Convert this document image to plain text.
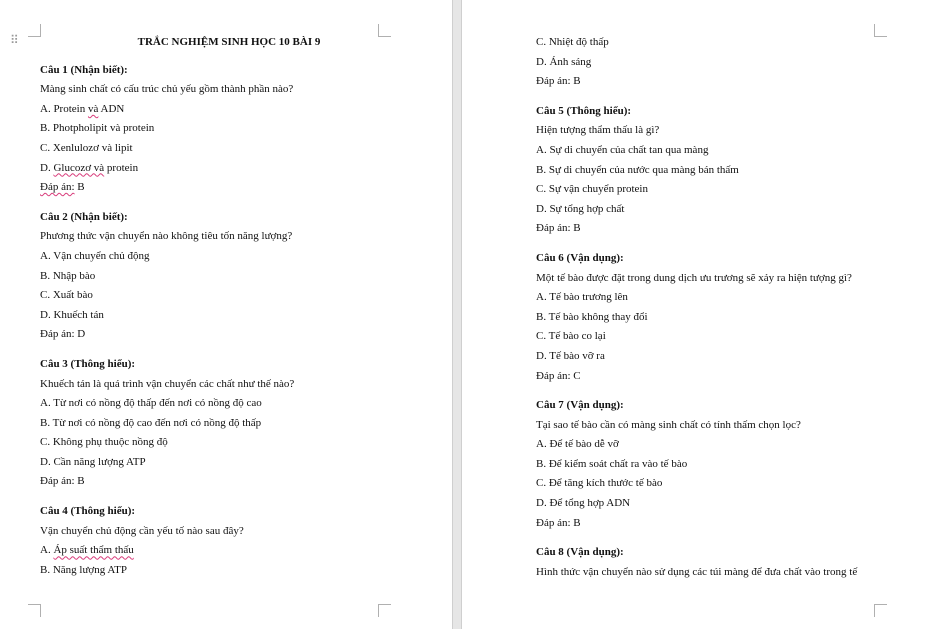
⠿	TRẮC NGHIỆM SINH HỌC 10 BÀI 9
Câu 1 (Nhận biết):
Màng sinh chất có cấu trúc chủ yếu gồm thành phần nào?
A. Protein và ADN
B. Photpholipit và protein
C. Xenlulozơ và lipit
D. Glucozơ và protein
Đáp án: B
Câu 2 (Nhận biết):
Phương thức vận chuyển nào không tiêu tốn năng lượng?
A. Vận chuyển chủ động
B. Nhập bào
C. Xuất bào
D. Khuếch tán
Đáp án: D
Câu 3 (Thông hiểu):
Khuếch tán là quá trình vận chuyển các chất như thế nào?
A. Từ nơi có nồng độ thấp đến nơi có nồng độ cao
B. Từ nơi có nồng độ cao đến nơi có nồng độ thấp
C. Không phụ thuộc nồng độ
D. Cần năng lượng ATP
Đáp án: B
Câu 4 (Thông hiểu):
Vận chuyển chủ động cần yếu tố nào sau đây?
A. Áp suất thẩm thấu
B. Năng lượng ATP
C. Nhiệt độ thấp
D. Ánh sáng
Đáp án: B
Câu 5 (Thông hiểu):
Hiện tượng thẩm thấu là gì?
A. Sự di chuyển của chất tan qua màng
B. Sự di chuyển của nước qua màng bán thấm
C. Sự vận chuyển protein
D. Sự tổng hợp chất
Đáp án: B
Câu 6 (Vận dụng):
Một tế bào được đặt trong dung dịch ưu trương sẽ xảy ra hiện tượng gì?
A. Tế bào trương lên
B. Tế bào không thay đổi
C. Tế bào co lại
D. Tế bào vỡ ra
Đáp án: C
Câu 7 (Vận dụng):
Tại sao tế bào cần có màng sinh chất có tính thấm chọn lọc?
A. Để tế bào dễ vỡ
B. Để kiểm soát chất ra vào tế bào
C. Để tăng kích thước tế bào
D. Để tổng hợp ADN
Đáp án: B
Câu 8 (Vận dụng):
Hình thức vận chuyển nào sử dụng các túi màng để đưa chất vào trong tế
